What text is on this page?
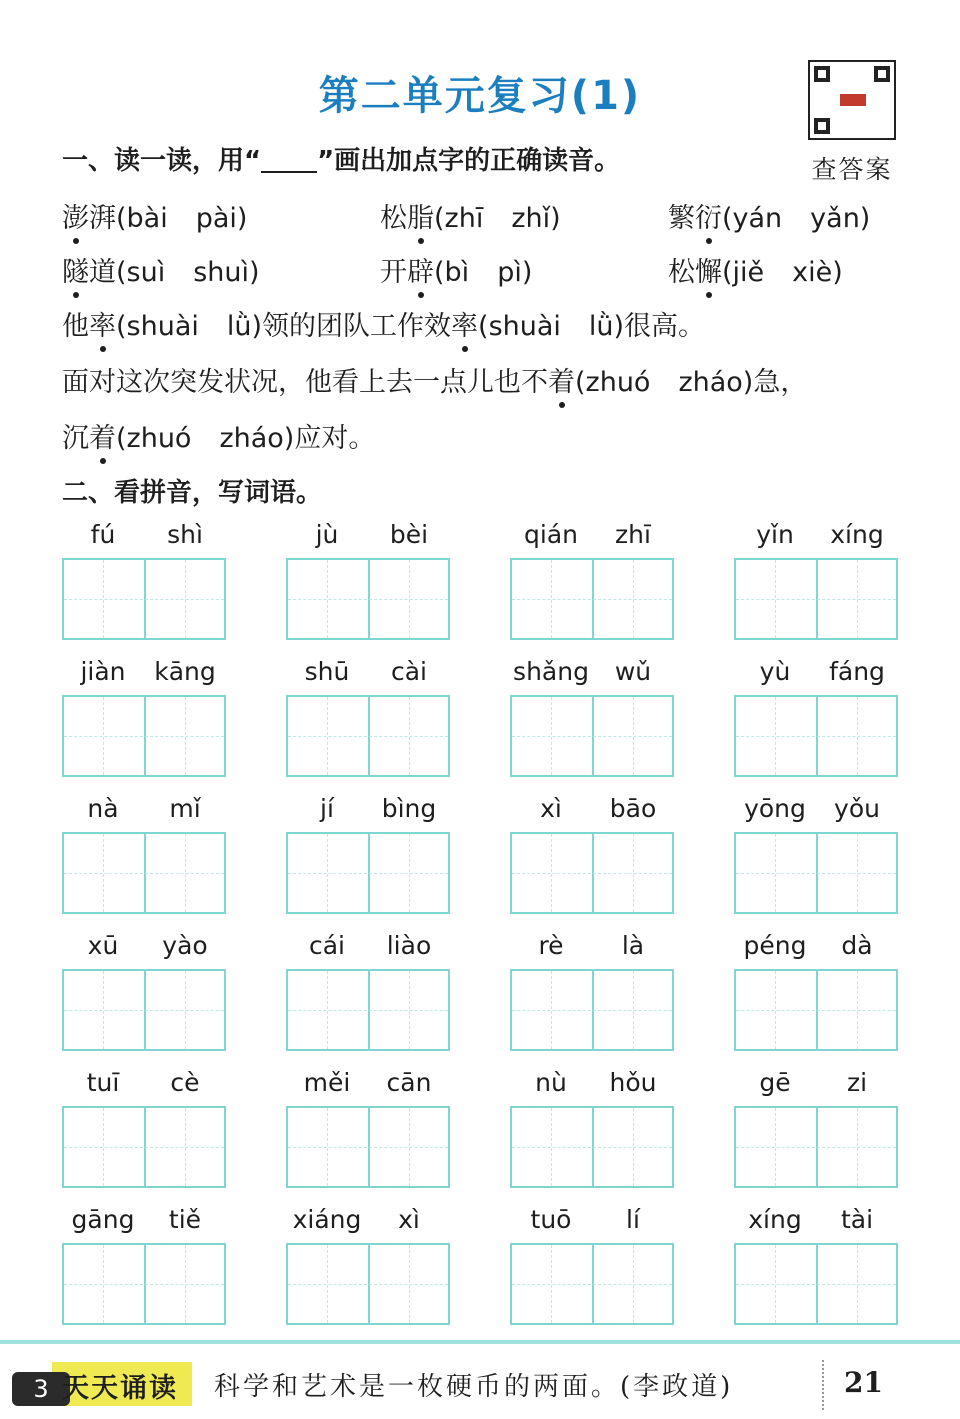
第二单元复习(1)
查答案
一、读一读，用“ ”画出加点字的正确读音。
澎湃(bài pài)	松脂(zhī zhǐ)	繁衍(yán yǎn)
隧道(suì shuì)	开辟(bì pì)	松懈(jiě xiè)
他率(shuài lǜ)领的团队工作效率(shuài lǜ)很高。
面对这次突发状况，他看上去一点儿也不着(zhuó zháo)急，
沉着(zhuó zháo)应对。
二、看拼音，写词语。
fú	shì	jù	bèi	qián	zhī	yǐn	xíng
jiàn	kāng	shū	cài	shǎng	wǔ	yù	fáng
nà	mǐ	jí	bìng	xì	bāo	yōng	yǒu
xū	yào	cái	liào	rè	là	péng	dà
tuī	cè	měi	cān	nù	hǒu	gē	zi
gāng	tiě	xiáng	xì	tuō	lí	xíng	tài
3 天天诵读 科学和艺术是一枚硬币的两面。(李政道)	21
